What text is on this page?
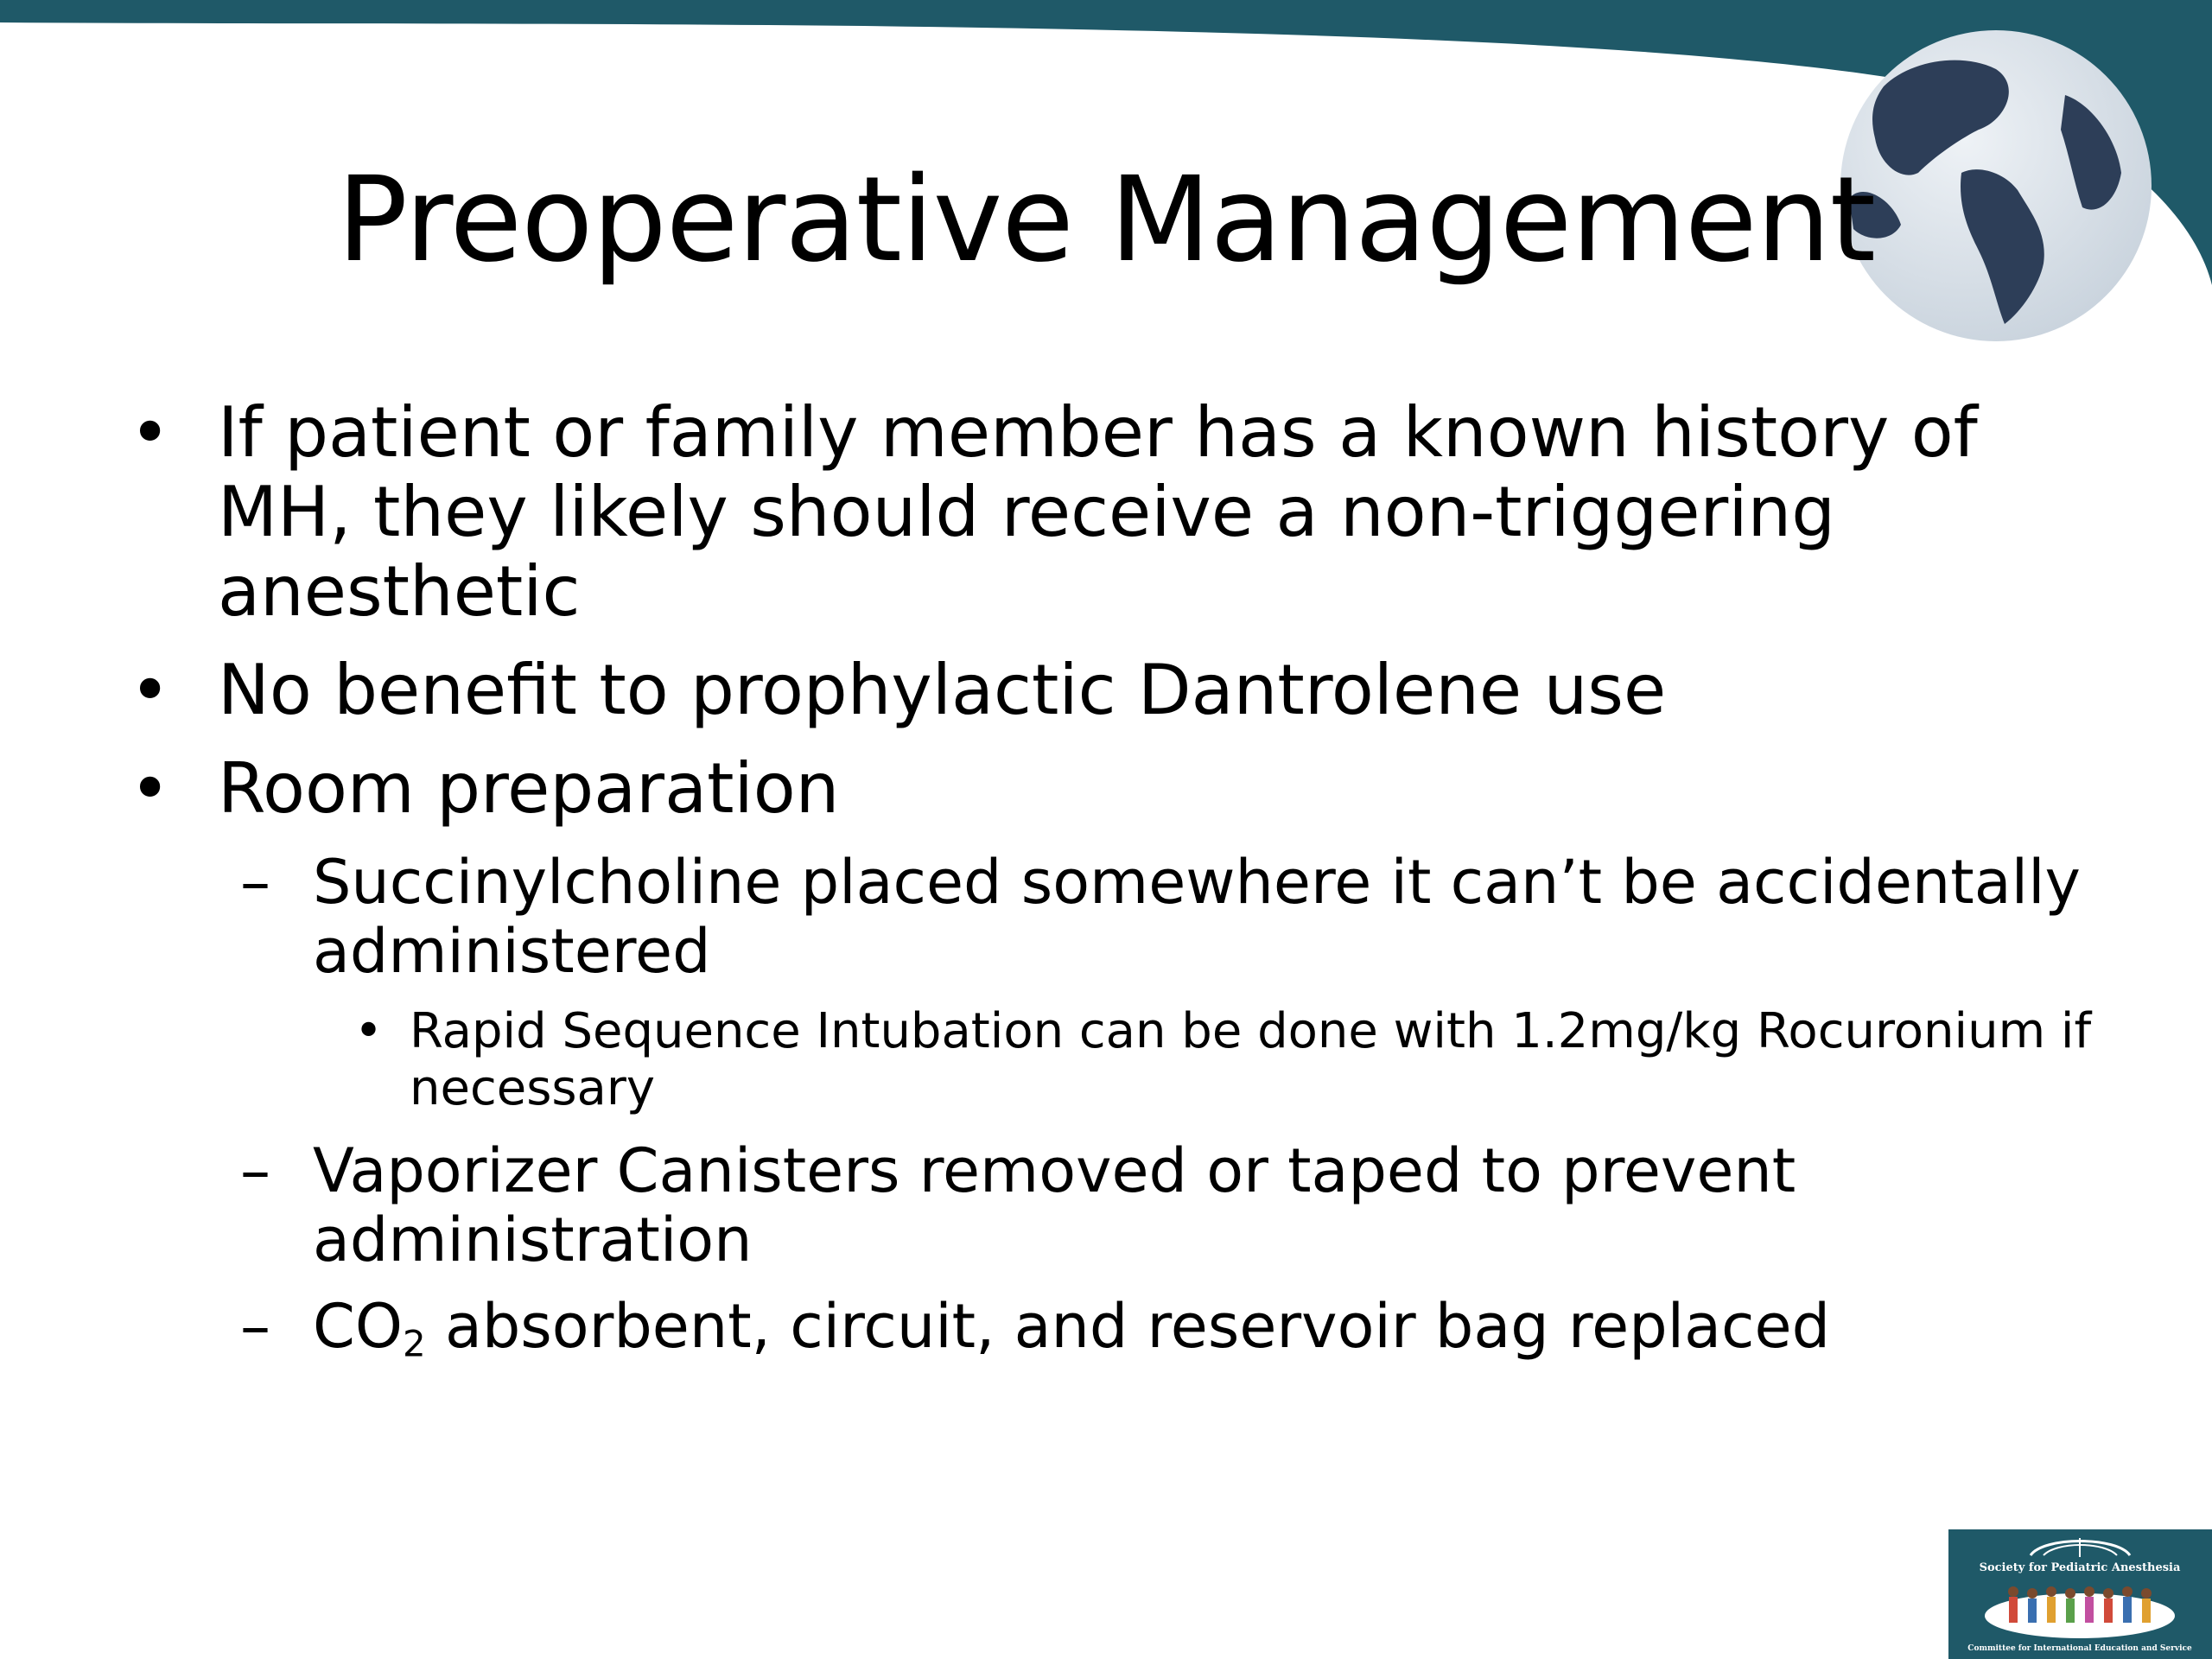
Preoperative Management
• If patient or family member has a known history of MH, they likely should receive a non-triggering anesthetic
• No benefit to prophylactic Dantrolene use
• Room preparation
– Succinylcholine placed somewhere it can’t be accidentally administered
• Rapid Sequence Intubation can be done with 1.2mg/kg Rocuronium if necessary
– Vaporizer Canisters removed or taped to prevent administration
– $CO_2$ absorbent, circuit, and reservoir bag replaced
Society for Pediatric Anesthesia
Committee for International Education and Service
